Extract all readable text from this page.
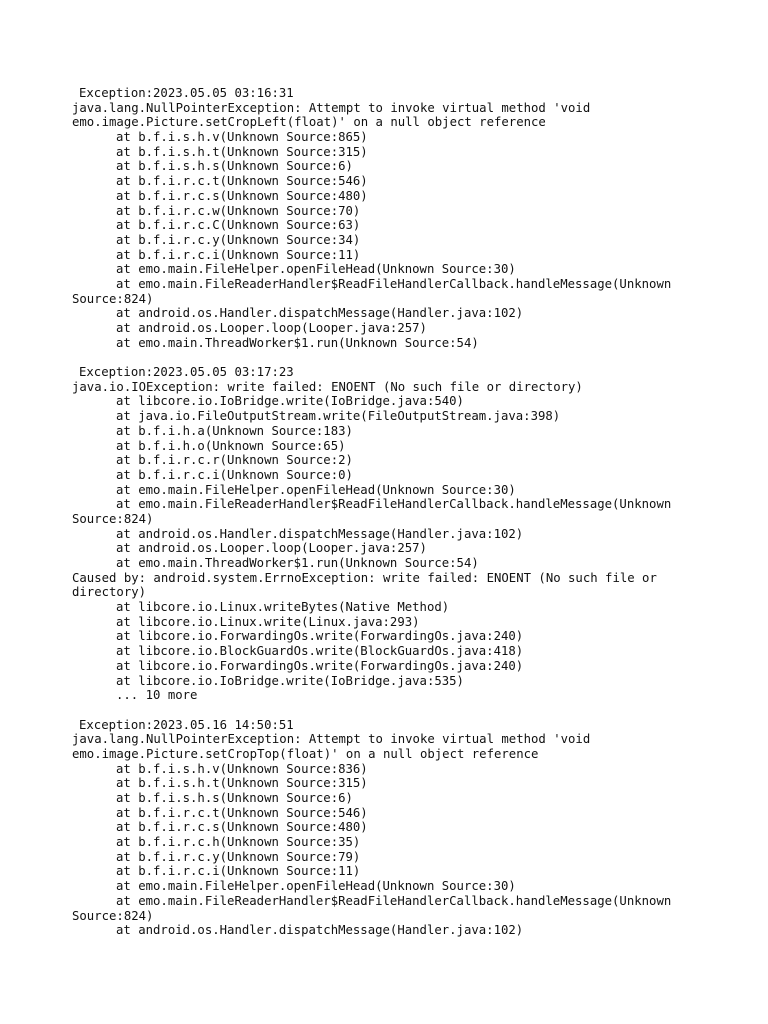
Exception:2023.05.05 03:16:31
java.lang.NullPointerException: Attempt to invoke virtual method 'void
emo.image.Picture.setCropLeft(float)' on a null object reference
at b.f.i.s.h.v(Unknown Source:865)
at b.f.i.s.h.t(Unknown Source:315)
at b.f.i.s.h.s(Unknown Source:6)
at b.f.i.r.c.t(Unknown Source:546)
at b.f.i.r.c.s(Unknown Source:480)
at b.f.i.r.c.w(Unknown Source:70)
at b.f.i.r.c.C(Unknown Source:63)
at b.f.i.r.c.y(Unknown Source:34)
at b.f.i.r.c.i(Unknown Source:11)
at emo.main.FileHelper.openFileHead(Unknown Source:30)
at emo.main.FileReaderHandler$ReadFileHandlerCallback.handleMessage(Unknown
Source:824)
at android.os.Handler.dispatchMessage(Handler.java:102)
at android.os.Looper.loop(Looper.java:257)
at emo.main.ThreadWorker$1.run(Unknown Source:54)
Exception:2023.05.05 03:17:23
java.io.IOException: write failed: ENOENT (No such file or directory)
at libcore.io.IoBridge.write(IoBridge.java:540)
at java.io.FileOutputStream.write(FileOutputStream.java:398)
at b.f.i.h.a(Unknown Source:183)
at b.f.i.h.o(Unknown Source:65)
at b.f.i.r.c.r(Unknown Source:2)
at b.f.i.r.c.i(Unknown Source:0)
at emo.main.FileHelper.openFileHead(Unknown Source:30)
at emo.main.FileReaderHandler$ReadFileHandlerCallback.handleMessage(Unknown
Source:824)
at android.os.Handler.dispatchMessage(Handler.java:102)
at android.os.Looper.loop(Looper.java:257)
at emo.main.ThreadWorker$1.run(Unknown Source:54)
Caused by: android.system.ErrnoException: write failed: ENOENT (No such file or
directory)
at libcore.io.Linux.writeBytes(Native Method)
at libcore.io.Linux.write(Linux.java:293)
at libcore.io.ForwardingOs.write(ForwardingOs.java:240)
at libcore.io.BlockGuardOs.write(BlockGuardOs.java:418)
at libcore.io.ForwardingOs.write(ForwardingOs.java:240)
at libcore.io.IoBridge.write(IoBridge.java:535)
... 10 more
Exception:2023.05.16 14:50:51
java.lang.NullPointerException: Attempt to invoke virtual method 'void
emo.image.Picture.setCropTop(float)' on a null object reference
at b.f.i.s.h.v(Unknown Source:836)
at b.f.i.s.h.t(Unknown Source:315)
at b.f.i.s.h.s(Unknown Source:6)
at b.f.i.r.c.t(Unknown Source:546)
at b.f.i.r.c.s(Unknown Source:480)
at b.f.i.r.c.h(Unknown Source:35)
at b.f.i.r.c.y(Unknown Source:79)
at b.f.i.r.c.i(Unknown Source:11)
at emo.main.FileHelper.openFileHead(Unknown Source:30)
at emo.main.FileReaderHandler$ReadFileHandlerCallback.handleMessage(Unknown
Source:824)
at android.os.Handler.dispatchMessage(Handler.java:102)
